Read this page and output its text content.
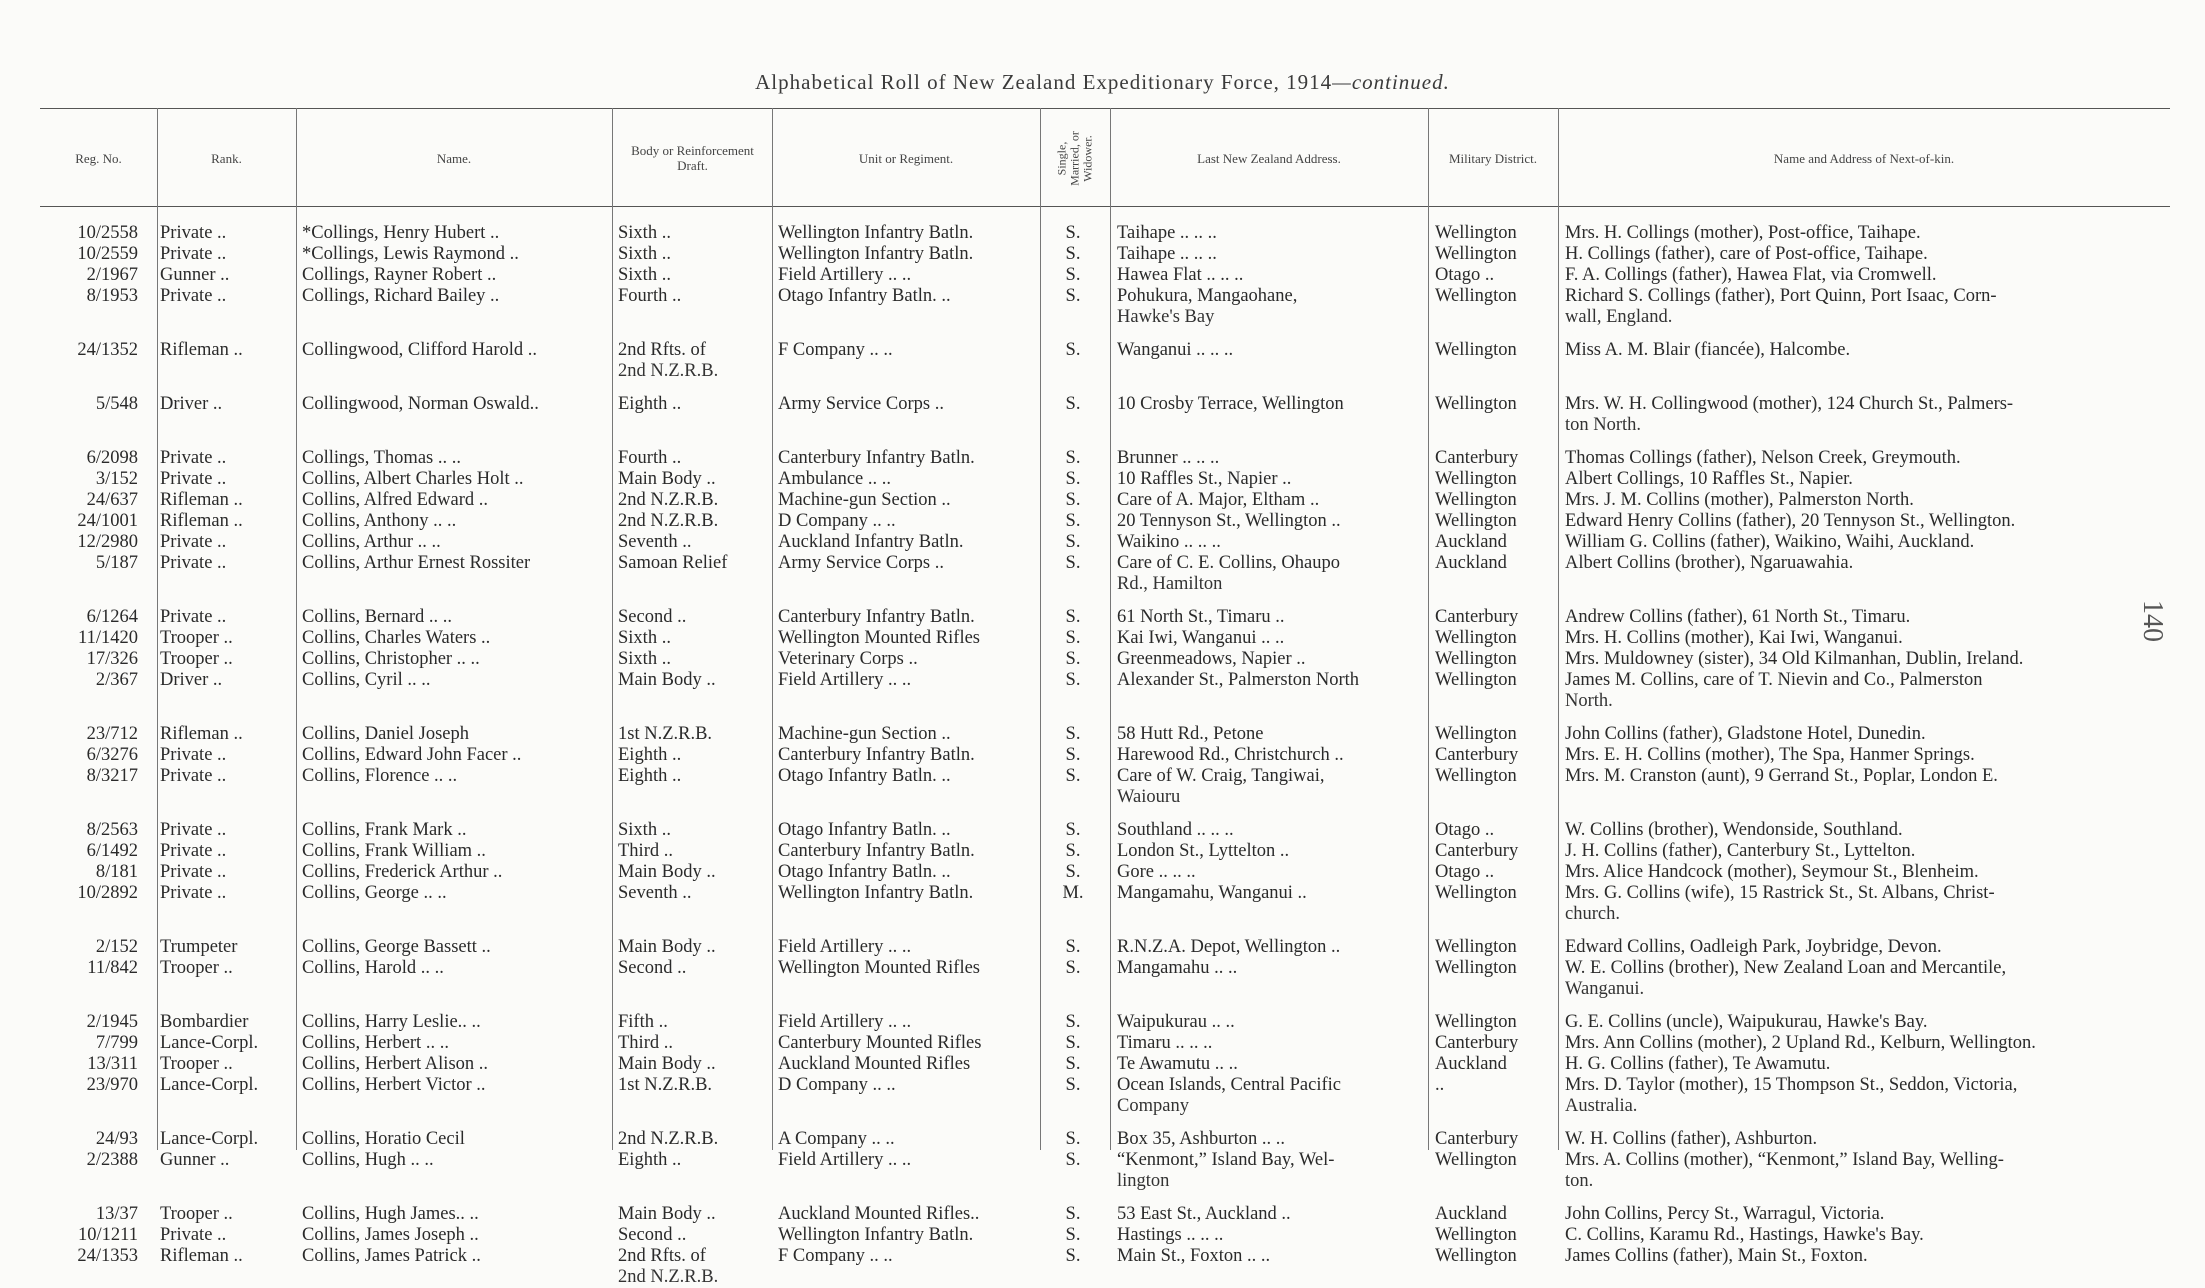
Alphabetical Roll of New Zealand Expeditionary Force, 1914—continued.
140
Reg. No.	Rank.	Name.	Body or Reinforcement Draft.	Unit or Regiment.	Single, Married, or Widower.	Last New Zealand Address.	Military District.	Name and Address of Next-of-kin.
10/2558 Private ..	*Collings, Henry Hubert ..	Sixth ..	Wellington Infantry Batln.	S.	Taihape .. .. ..	Wellington	Mrs. H. Collings (mother), Post-office, Taihape.
10/2559 Private ..	*Collings, Lewis Raymond ..	Sixth ..	Wellington Infantry Batln.	S.	Taihape .. .. ..	Wellington	H. Collings (father), care of Post-office, Taihape.
2/1967 Gunner ..	Collings, Rayner Robert ..	Sixth ..	Field Artillery .. ..	S.	Hawea Flat .. .. ..	Otago ..	F. A. Collings (father), Hawea Flat, via Cromwell.
8/1953 Private ..	Collings, Richard Bailey ..	Fourth ..	Otago Infantry Batln. ..	S.	Pohukura, Mangaohane,	Wellington	Richard S. Collings (father), Port Quinn, Port Isaac, Corn-
Hawke's Bay	wall, England.
24/1352 Rifleman ..	Collingwood, Clifford Harold ..	2nd Rfts. of	F Company .. ..	S.	Wanganui .. .. ..	Wellington	Miss A. M. Blair (fiancée), Halcombe.
2nd N.Z.R.B.
5/548 Driver ..	Collingwood, Norman Oswald..	Eighth ..	Army Service Corps ..	S.	10 Crosby Terrace, Wellington	Wellington	Mrs. W. H. Collingwood (mother), 124 Church St., Palmers-
ton North.
6/2098 Private ..	Collings, Thomas .. ..	Fourth ..	Canterbury Infantry Batln.	S.	Brunner .. .. ..	Canterbury	Thomas Collings (father), Nelson Creek, Greymouth.
3/152 Private ..	Collins, Albert Charles Holt ..	Main Body ..	Ambulance .. ..	S.	10 Raffles St., Napier ..	Wellington	Albert Collings, 10 Raffles St., Napier.
24/637 Rifleman ..	Collins, Alfred Edward ..	2nd N.Z.R.B.	Machine-gun Section ..	S.	Care of A. Major, Eltham ..	Wellington	Mrs. J. M. Collins (mother), Palmerston North.
24/1001 Rifleman ..	Collins, Anthony .. ..	2nd N.Z.R.B.	D Company .. ..	S.	20 Tennyson St., Wellington ..	Wellington	Edward Henry Collins (father), 20 Tennyson St., Wellington.
12/2980 Private ..	Collins, Arthur .. ..	Seventh ..	Auckland Infantry Batln.	S.	Waikino .. .. ..	Auckland	William G. Collins (father), Waikino, Waihi, Auckland.
5/187 Private ..	Collins, Arthur Ernest Rossiter	Samoan Relief	Army Service Corps ..	S.	Care of C. E. Collins, Ohaupo	Auckland	Albert Collins (brother), Ngaruawahia.
Rd., Hamilton
6/1264 Private ..	Collins, Bernard .. ..	Second ..	Canterbury Infantry Batln.	S.	61 North St., Timaru ..	Canterbury	Andrew Collins (father), 61 North St., Timaru.
11/1420 Trooper ..	Collins, Charles Waters ..	Sixth ..	Wellington Mounted Rifles	S.	Kai Iwi, Wanganui .. ..	Wellington	Mrs. H. Collins (mother), Kai Iwi, Wanganui.
17/326 Trooper ..	Collins, Christopher .. ..	Sixth ..	Veterinary Corps ..	S.	Greenmeadows, Napier ..	Wellington	Mrs. Muldowney (sister), 34 Old Kilmanhan, Dublin, Ireland.
2/367 Driver ..	Collins, Cyril .. ..	Main Body ..	Field Artillery .. ..	S.	Alexander St., Palmerston North	Wellington	James M. Collins, care of T. Nievin and Co., Palmerston
North.
23/712 Rifleman ..	Collins, Daniel Joseph	1st N.Z.R.B.	Machine-gun Section ..	S.	58 Hutt Rd., Petone	Wellington	John Collins (father), Gladstone Hotel, Dunedin.
6/3276 Private ..	Collins, Edward John Facer ..	Eighth ..	Canterbury Infantry Batln.	S.	Harewood Rd., Christchurch ..	Canterbury	Mrs. E. H. Collins (mother), The Spa, Hanmer Springs.
8/3217 Private ..	Collins, Florence .. ..	Eighth ..	Otago Infantry Batln. ..	S.	Care of W. Craig, Tangiwai,	Wellington	Mrs. M. Cranston (aunt), 9 Gerrand St., Poplar, London E.
Waiouru
8/2563 Private ..	Collins, Frank Mark ..	Sixth ..	Otago Infantry Batln. ..	S.	Southland .. .. ..	Otago ..	W. Collins (brother), Wendonside, Southland.
6/1492 Private ..	Collins, Frank William ..	Third ..	Canterbury Infantry Batln.	S.	London St., Lyttelton ..	Canterbury	J. H. Collins (father), Canterbury St., Lyttelton.
8/181 Private ..	Collins, Frederick Arthur ..	Main Body ..	Otago Infantry Batln. ..	S.	Gore .. .. ..	Otago ..	Mrs. Alice Handcock (mother), Seymour St., Blenheim.
10/2892 Private ..	Collins, George .. ..	Seventh ..	Wellington Infantry Batln.	M.	Mangamahu, Wanganui ..	Wellington	Mrs. G. Collins (wife), 15 Rastrick St., St. Albans, Christ-
church.
2/152 Trumpeter	Collins, George Bassett ..	Main Body ..	Field Artillery .. ..	S.	R.N.Z.A. Depot, Wellington ..	Wellington	Edward Collins, Oadleigh Park, Joybridge, Devon.
11/842 Trooper ..	Collins, Harold .. ..	Second ..	Wellington Mounted Rifles	S.	Mangamahu .. ..	Wellington	W. E. Collins (brother), New Zealand Loan and Mercantile,
Wanganui.
2/1945 Bombardier	Collins, Harry Leslie.. ..	Fifth ..	Field Artillery .. ..	S.	Waipukurau .. ..	Wellington	G. E. Collins (uncle), Waipukurau, Hawke's Bay.
7/799 Lance-Corpl.	Collins, Herbert .. ..	Third ..	Canterbury Mounted Rifles	S.	Timaru .. .. ..	Canterbury	Mrs. Ann Collins (mother), 2 Upland Rd., Kelburn, Wellington.
13/311 Trooper ..	Collins, Herbert Alison ..	Main Body ..	Auckland Mounted Rifles	S.	Te Awamutu .. ..	Auckland	H. G. Collins (father), Te Awamutu.
23/970 Lance-Corpl.	Collins, Herbert Victor ..	1st N.Z.R.B.	D Company .. ..	S.	Ocean Islands, Central Pacific	..	Mrs. D. Taylor (mother), 15 Thompson St., Seddon, Victoria,
Company	Australia.
24/93 Lance-Corpl.	Collins, Horatio Cecil	2nd N.Z.R.B.	A Company .. ..	S.	Box 35, Ashburton .. ..	Canterbury	W. H. Collins (father), Ashburton.
2/2388 Gunner ..	Collins, Hugh .. ..	Eighth ..	Field Artillery .. ..	S.	“Kenmont,” Island Bay, Wel-	Wellington	Mrs. A. Collins (mother), “Kenmont,” Island Bay, Welling-
lington	ton.
13/37 Trooper ..	Collins, Hugh James.. ..	Main Body ..	Auckland Mounted Rifles..	S.	53 East St., Auckland ..	Auckland	John Collins, Percy St., Warragul, Victoria.
10/1211 Private ..	Collins, James Joseph ..	Second ..	Wellington Infantry Batln.	S.	Hastings .. .. ..	Wellington	C. Collins, Karamu Rd., Hastings, Hawke's Bay.
24/1353 Rifleman ..	Collins, James Patrick ..	2nd Rfts. of	F Company .. ..	S.	Main St., Foxton .. ..	Wellington	James Collins (father), Main St., Foxton.
2nd N.Z.R.B.
